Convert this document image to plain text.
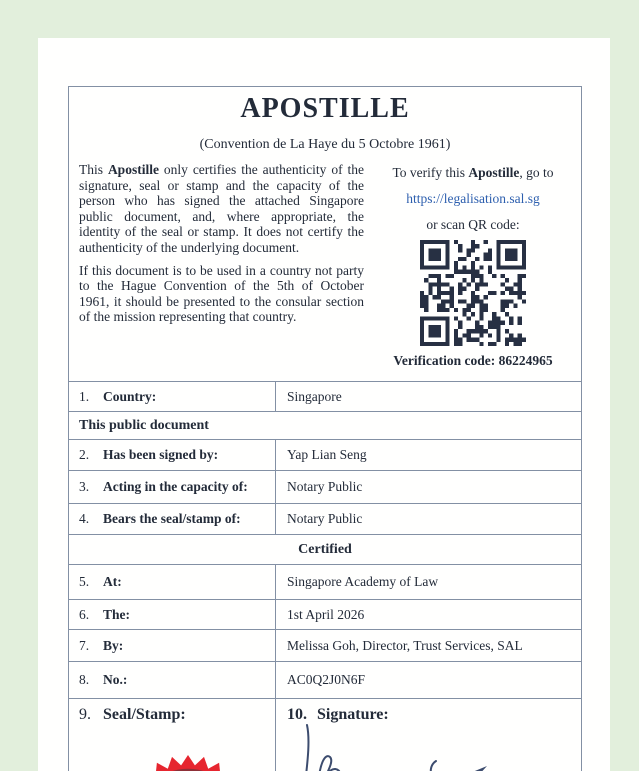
APOSTILLE
(Convention de La Haye du 5 Octobre 1961)

This Apostille only certifies the authenticity of the signature, seal or stamp and the capacity of the person who has signed the attached Singapore public document, and, where appropriate, the identity of the seal or stamp. It does not certify the authenticity of the underlying document.

If this document is to be used in a country not party to the Hague Convention of the 5th of October 1961, it should be presented to the consular section of the mission representing that country.

To verify this Apostille, go to
https://legalisation.sal.sg
or scan QR code:
Verification code: 86224965
1.	Country:	Singapore
This public document
2.	Has been signed by:	Yap Lian Seng
3.	Acting in the capacity of:	Notary Public
4.	Bears the seal/stamp of:	Notary Public
Certified
5.	At:	Singapore Academy of Law
6.	The:	1st April 2026
7.	By:	Melissa Goh, Director, Trust Services, SAL
8.	No.:	AC0Q2J0N6F
9. Seal/Stamp:	10. Signature:
